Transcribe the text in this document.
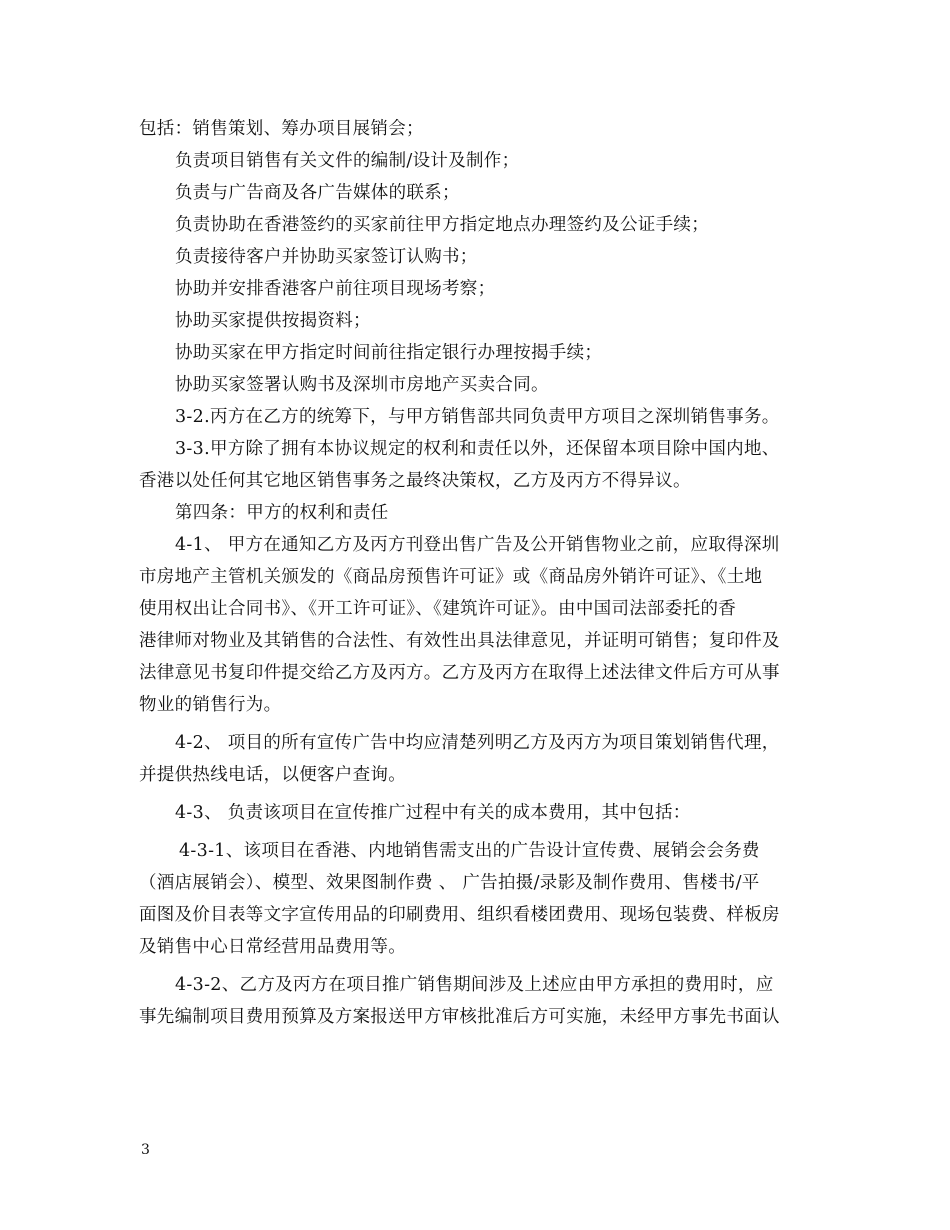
包括：销售策划、筹办项目展销会；
负责项目销售有关文件的编制/设计及制作；
负责与广告商及各广告媒体的联系；
负责协助在香港签约的买家前往甲方指定地点办理签约及公证手续；
负责接待客户并协助买家签订认购书；
协助并安排香港客户前往项目现场考察；
协助买家提供按揭资料；
协助买家在甲方指定时间前往指定银行办理按揭手续；
协助买家签署认购书及深圳市房地产买卖合同。
3-2.丙方在乙方的统筹下，与甲方销售部共同负责甲方项目之深圳销售事务。
3-3.甲方除了拥有本协议规定的权利和责任以外，还保留本项目除中国内地、
香港以处任何其它地区销售事务之最终决策权，乙方及丙方不得异议。
第四条：甲方的权利和责任
4-1、 甲方在通知乙方及丙方刊登出售广告及公开销售物业之前，应取得深圳
市房地产主管机关颁发的《商品房预售许可证》或《商品房外销许可证》、《土地
使用权出让合同书》、《开工许可证》、《建筑许可证》。由中国司法部委托的香
港律师对物业及其销售的合法性、有效性出具法律意见，并证明可销售；复印件及
法律意见书复印件提交给乙方及丙方。乙方及丙方在取得上述法律文件后方可从事
物业的销售行为。
4-2、 项目的所有宣传广告中均应清楚列明乙方及丙方为项目策划销售代理，
并提供热线电话，以便客户查询。
4-3、 负责该项目在宣传推广过程中有关的成本费用，其中包括：
4-3-1、该项目在香港、内地销售需支出的广告设计宣传费、展销会会务费
（酒店展销会）、模型、效果图制作费 、 广告拍摄/录影及制作费用、售楼书/平
面图及价目表等文字宣传用品的印刷费用、组织看楼团费用、现场包装费、样板房
及销售中心日常经营用品费用等。
4-3-2、乙方及丙方在项目推广销售期间涉及上述应由甲方承担的费用时，应
事先编制项目费用预算及方案报送甲方审核批准后方可实施，未经甲方事先书面认
3
